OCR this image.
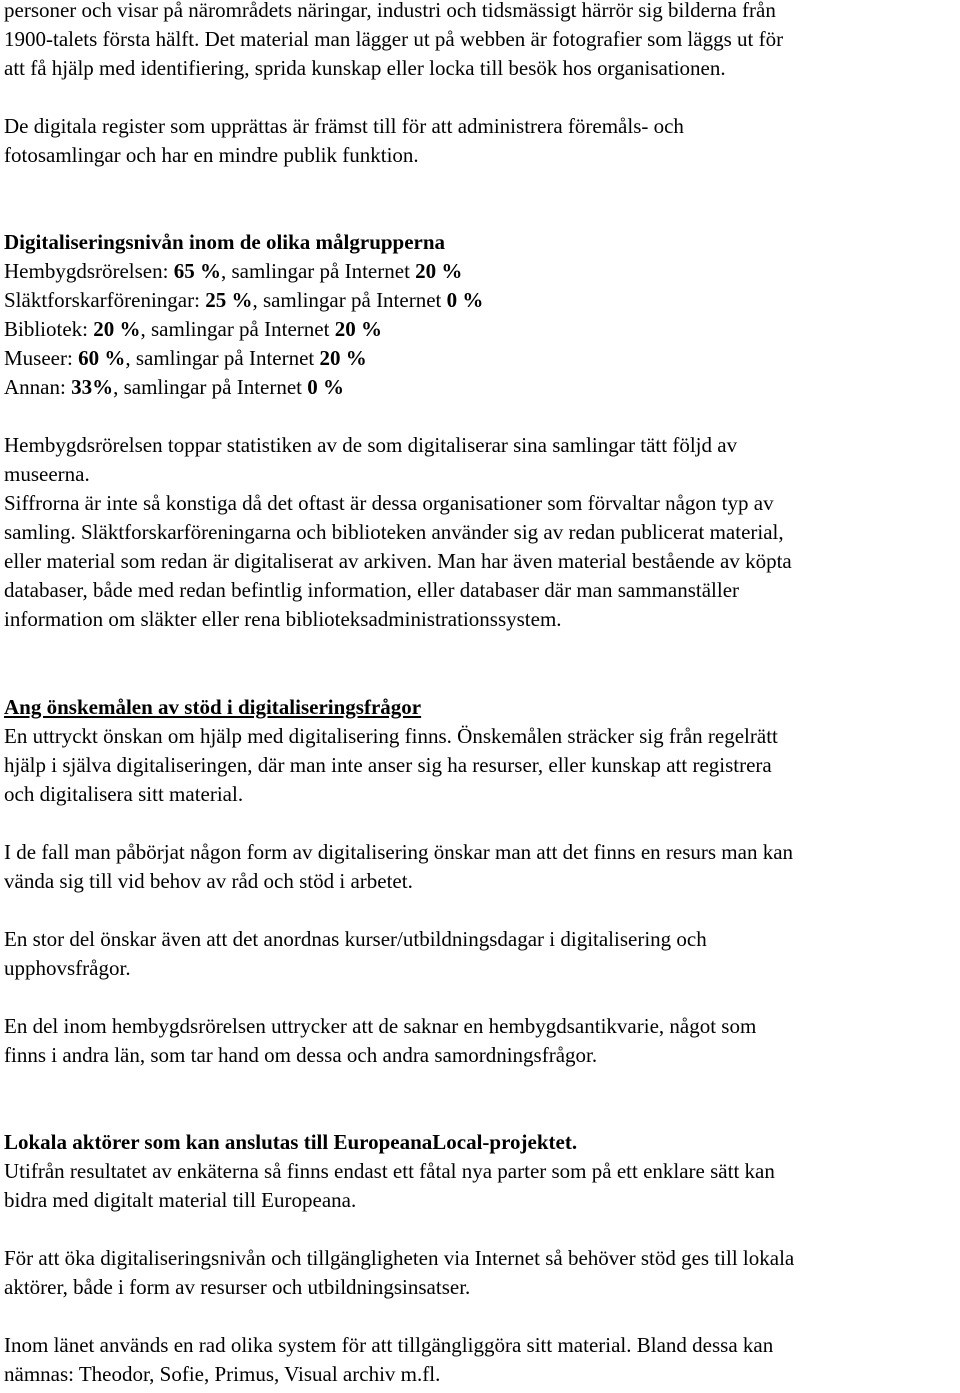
personer och visar på närområdets näringar, industri och tidsmässigt härrör sig bilderna från
1900-talets första hälft. Det material man lägger ut på webben är fotografier som läggs ut för
att få hjälp med identifiering, sprida kunskap eller locka till besök hos organisationen.
De digitala register som upprättas är främst till för att administrera föremåls- och
fotosamlingar och har en mindre publik funktion.
Digitaliseringsnivån inom de olika målgrupperna
Hembygdsrörelsen: 65 %, samlingar på Internet 20 %
Släktforskarföreningar: 25 %, samlingar på Internet 0 %
Bibliotek: 20 %, samlingar på Internet 20 %
Museer: 60 %, samlingar på Internet 20 %
Annan: 33%, samlingar på Internet 0 %
Hembygdsrörelsen toppar statistiken av de som digitaliserar sina samlingar tätt följd av
museerna.
Siffrorna är inte så konstiga då det oftast är dessa organisationer som förvaltar någon typ av
samling. Släktforskarföreningarna och biblioteken använder sig av redan publicerat material,
eller material som redan är digitaliserat av arkiven. Man har även material bestående av köpta
databaser, både med redan befintlig information, eller databaser där man sammanställer
information om släkter eller rena biblioteksadministrationssystem.
Ang önskemålen av stöd i digitaliseringsfrågor
En uttryckt önskan om hjälp med digitalisering finns. Önskemålen sträcker sig från regelrätt
hjälp i själva digitaliseringen, där man inte anser sig ha resurser, eller kunskap att registrera
och digitalisera sitt material.
I de fall man påbörjat någon form av digitalisering önskar man att det finns en resurs man kan
vända sig till vid behov av råd och stöd i arbetet.
En stor del önskar även att det anordnas kurser/utbildningsdagar i digitalisering och
upphovsfrågor.
En del inom hembygdsrörelsen uttrycker att de saknar en hembygdsantikvarie, något som
finns i andra län, som tar hand om dessa och andra samordningsfrågor.
Lokala aktörer som kan anslutas till EuropeanaLocal-projektet.
Utifrån resultatet av enkäterna så finns endast ett fåtal nya parter som på ett enklare sätt kan
bidra med digitalt material till Europeana.
För att öka digitaliseringsnivån och tillgängligheten via Internet så behöver stöd ges till lokala
aktörer, både i form av resurser och utbildningsinsatser.
Inom länet används en rad olika system för att tillgängliggöra sitt material. Bland dessa kan
nämnas: Theodor, Sofie, Primus, Visual archiv m.fl.
